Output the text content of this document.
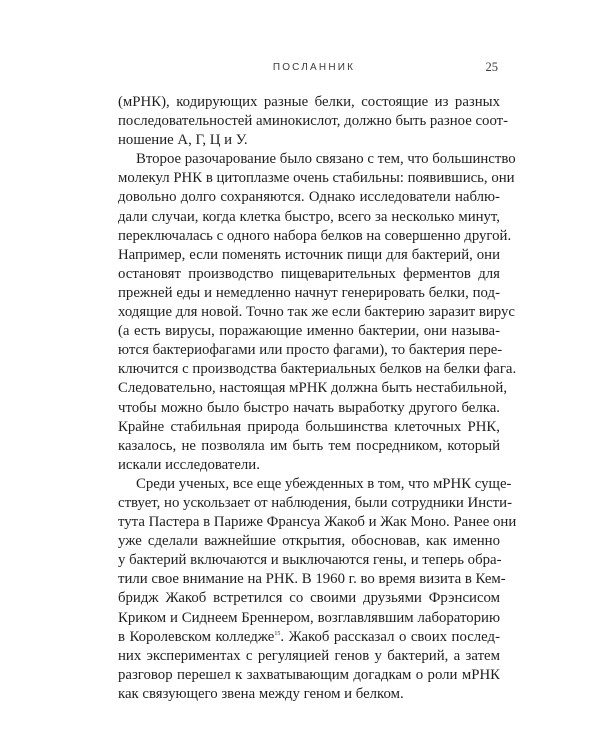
ПОСЛАННИК	25

(мРНК), кодирующих разные белки, состоящие из разных
последовательностей аминокислот, должно быть разное соот-
ношение А, Г, Ц и У.

Второе разочарование было связано с тем, что большинство
молекул РНК в цитоплазме очень стабильны: появившись, они
довольно долго сохраняются. Однако исследователи наблю-
дали случаи, когда клетка быстро, всего за несколько минут,
переключалась с одного набора белков на совершенно другой.
Например, если поменять источник пищи для бактерий, они
остановят производство пищеварительных ферментов для
прежней еды и немедленно начнут генерировать белки, под-
ходящие для новой. Точно так же если бактерию заразит вирус
(а есть вирусы, поражающие именно бактерии, они называ-
ются бактериофагами или просто фагами), то бактерия пере-
ключится с производства бактериальных белков на белки фага.
Следовательно, настоящая мРНК должна быть нестабильной,
чтобы можно было быстро начать выработку другого белка.
Крайне стабильная природа большинства клеточных РНК,
казалось, не позволяла им быть тем посредником, который
искали исследователи.

Среди ученых, все еще убежденных в том, что мРНК суще-
ствует, но ускользает от наблюдения, были сотрудники Инсти-
тута Пастера в Париже Франсуа Жакоб и Жак Моно. Ранее они
уже сделали важнейшие открытия, обосновав, как именно
у бактерий включаются и выключаются гены, и теперь обра-
тили свое внимание на РНК. В 1960 г. во время визита в Кем-
бридж Жакоб встретился со своими друзьями Фрэнсисом
Криком и Сиднеем Бреннером, возглавлявшим лабораторию
в Королевском колледже$^{15}$. Жакоб рассказал о своих послед-
них экспериментах с регуляцией генов у бактерий, а затем
разговор перешел к захватывающим догадкам о роли мРНК
как связующего звена между геном и белком.
